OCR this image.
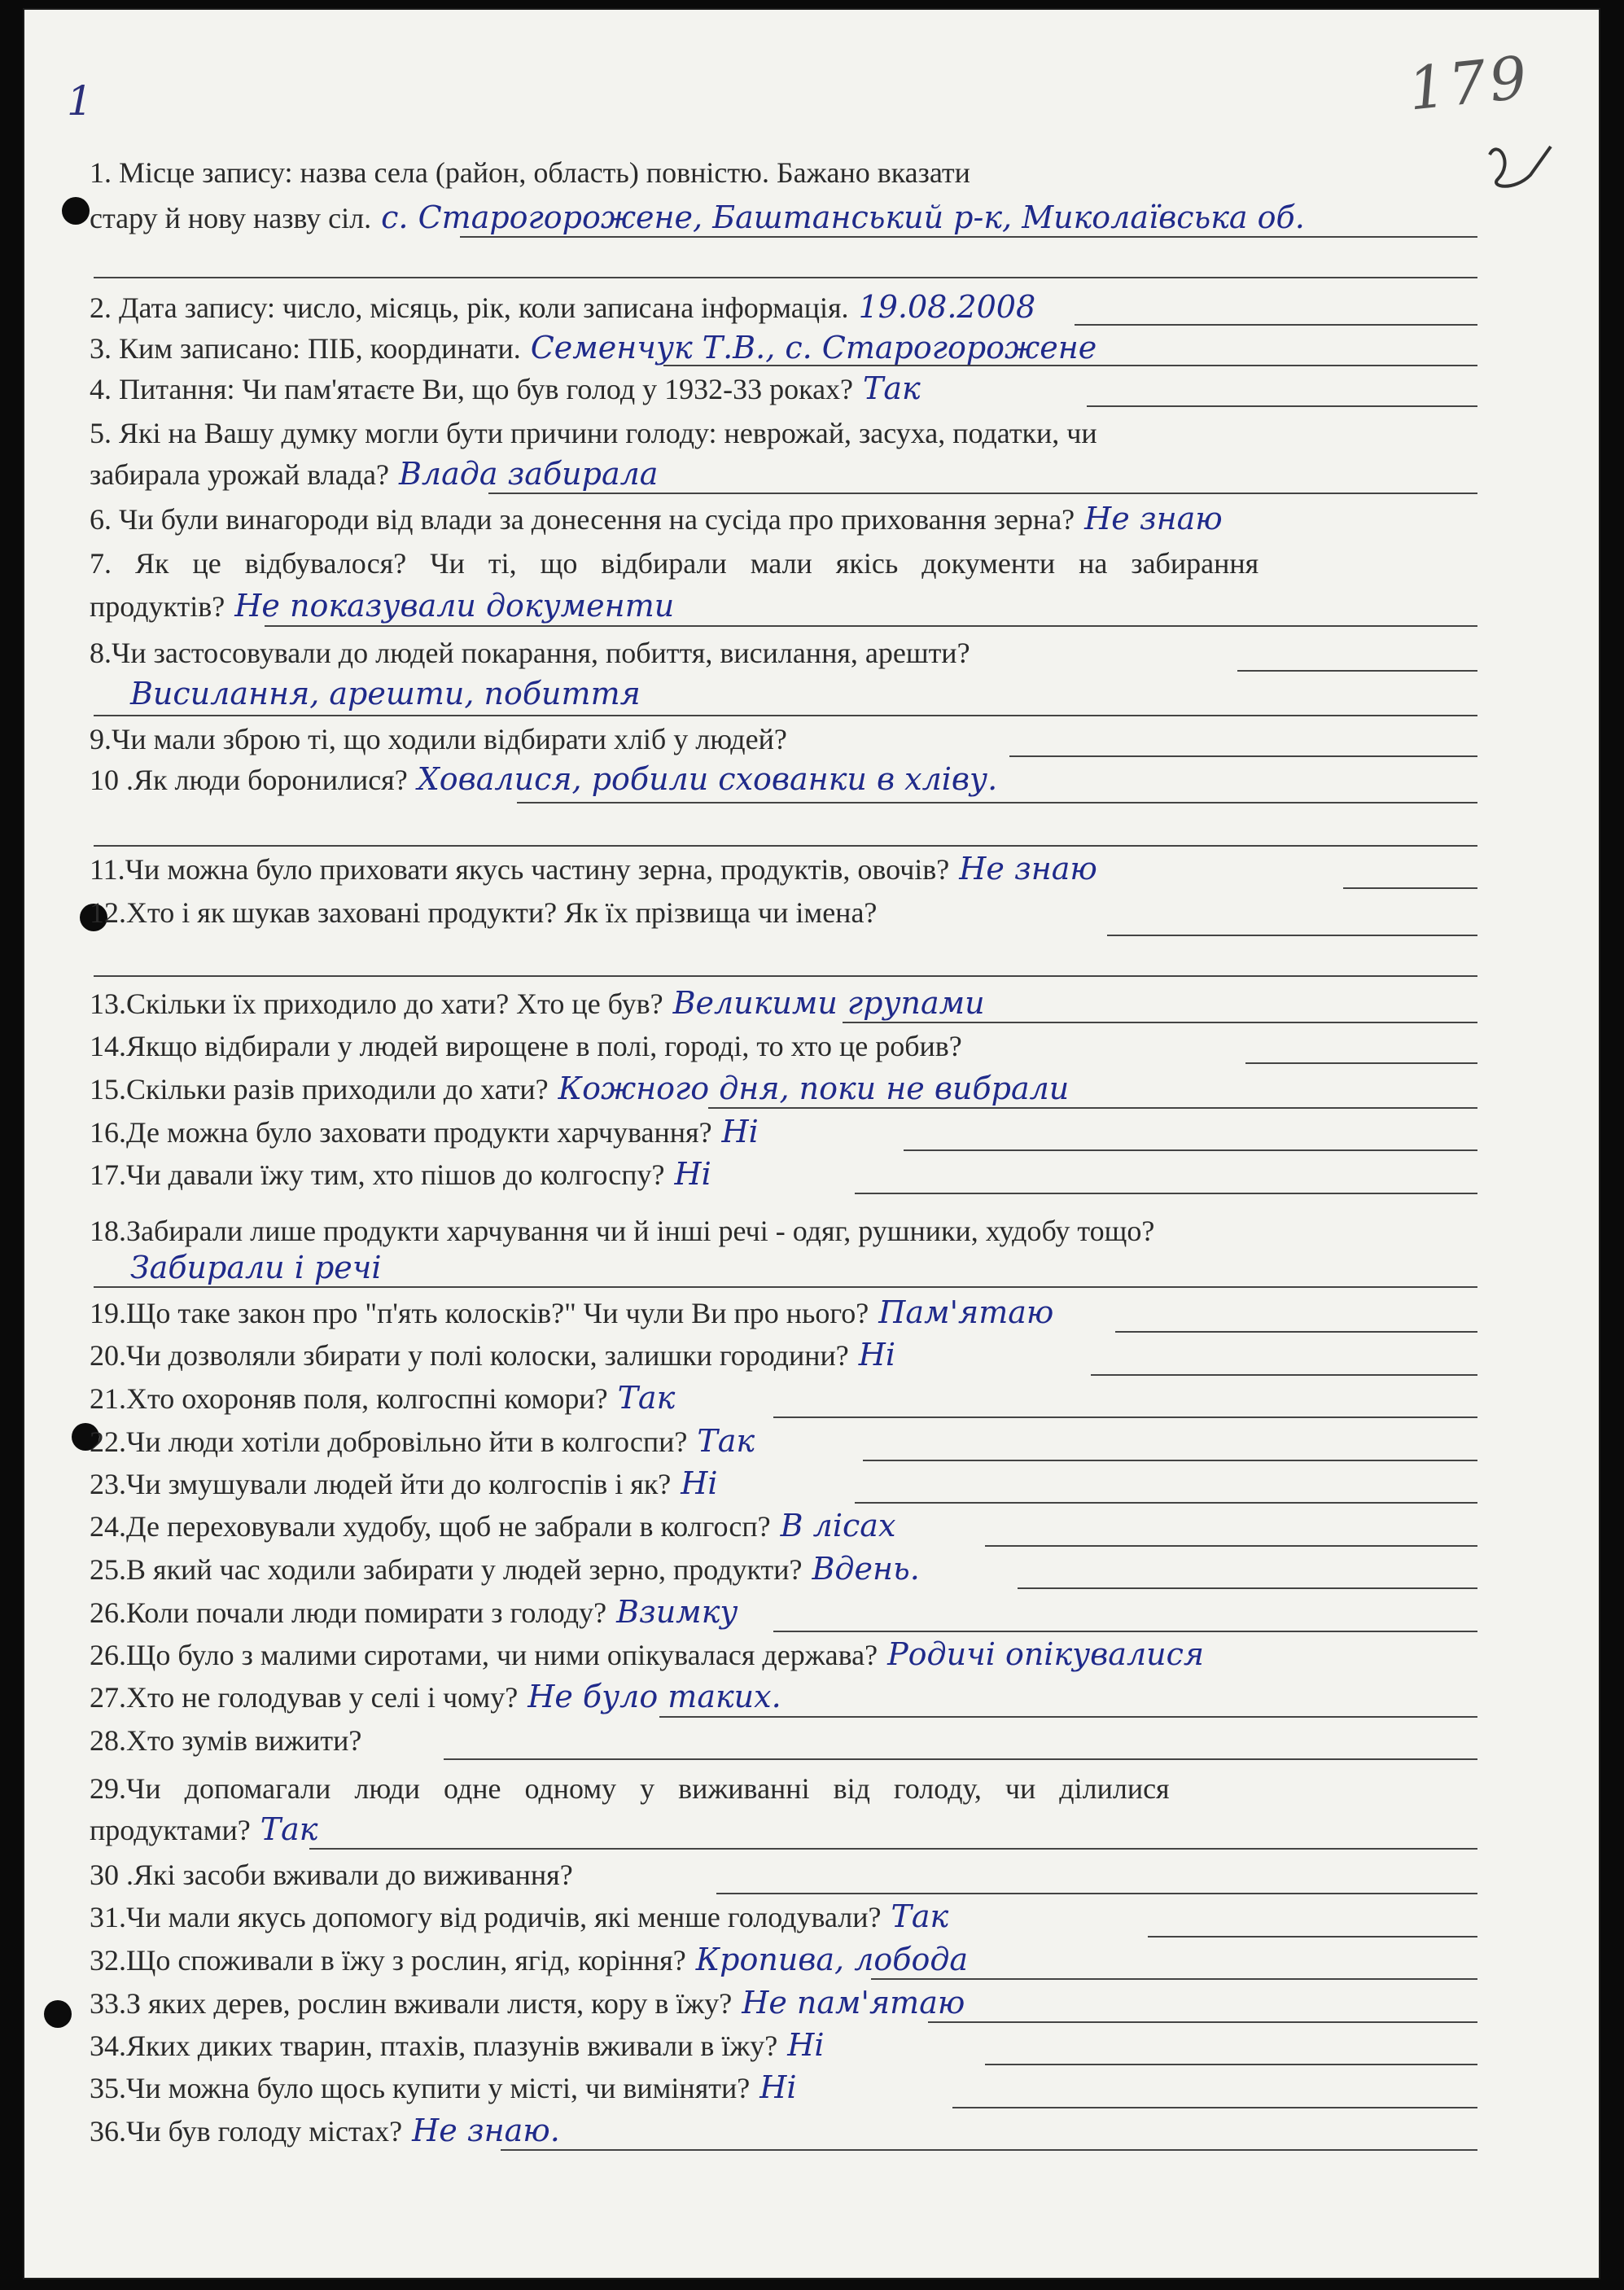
1	179
1. Місце запису: назва села (район, область) повністю. Бажано вказати
стару й нову назву сіл. с. Старогороженe, Баштанський р-к, Миколаївська об.
2. Дата запису: число, місяць, рік, коли записана інформація. 19.08.2008
3. Ким записано: ПІБ, координати. Семенчук Т.В., с. Старогороженe
4. Питання: Чи пам'ятаєте Ви, що був голод у 1932-33 роках? Так
5. Які на Вашу думку могли бути причини голоду: неврожай, засуха, податки, чи
забирала урожай влада? Влада забирала
6. Чи були винагороди від влади за донесення на сусіда про приховання зерна? Не знаю
7. Як це відбувалося? Чи ті, що відбирали мали якісь документи на забирання
продуктів? Не показували документи
8.Чи застосовували до людей покарання, побиття, висилання, арешти?
Висилання, арешти, побиття
9.Чи мали зброю ті, що ходили відбирати хліб у людей?
10 .Як люди боронилися? Ховалися, робили схованки в хліву.
11.Чи можна було приховати якусь частину зерна, продуктів, овочів? Не знаю
12.Хто і як шукав заховані продукти? Як їх прізвища чи імена?
13.Скільки їх приходило до хати? Хто це був? Великими групами
14.Якщо відбирали у людей вирощене в полі, городі, то хто це робив?
15.Скільки разів приходили до хати? Кожного дня, поки не вибрали
16.Де можна було заховати продукти харчування? Ні
17.Чи давали їжу тим, хто пішов до колгоспу? Ні
18.Забирали лише продукти харчування чи й інші речі - одяг, рушники, худобу тощо?
Забирали і речі
19.Що таке закон про "п'ять колосків?" Чи чули Ви про нього? Пам'ятаю
20.Чи дозволяли збирати у полі колоски, залишки городини? Ні
21.Хто охороняв поля, колгоспні комори? Так
22.Чи люди хотіли добровільно йти в колгоспи? Так
23.Чи змушували людей йти до колгоспів і як? Ні
24.Де переховували худобу, щоб не забрали в колгосп? В лісах
25.В який час ходили забирати у людей зерно, продукти? Вдень.
26.Коли почали люди помирати з голоду? Взимку
26.Що було з малими сиротами, чи ними опікувалася держава? Родичі опікувалися
27.Хто не голодував у селі і чому? Не було таких.
28.Хто зумів вижити?
29.Чи допомагали люди одне одному у виживанні від голоду, чи ділилися
продуктами? Так
30 .Які засоби вживали до виживання?
31.Чи мали якусь допомогу від родичів, які менше голодували? Так
32.Що споживали в їжу з рослин, ягід, коріння? Кропива, лобода
33.З яких дерев, рослин вживали листя, кору в їжу? Не пам'ятаю
34.Яких диких тварин, птахів, плазунів вживали в їжу? Ні
35.Чи можна було щось купити у місті, чи виміняти? Ні
36.Чи був голоду містах? Не знаю.
